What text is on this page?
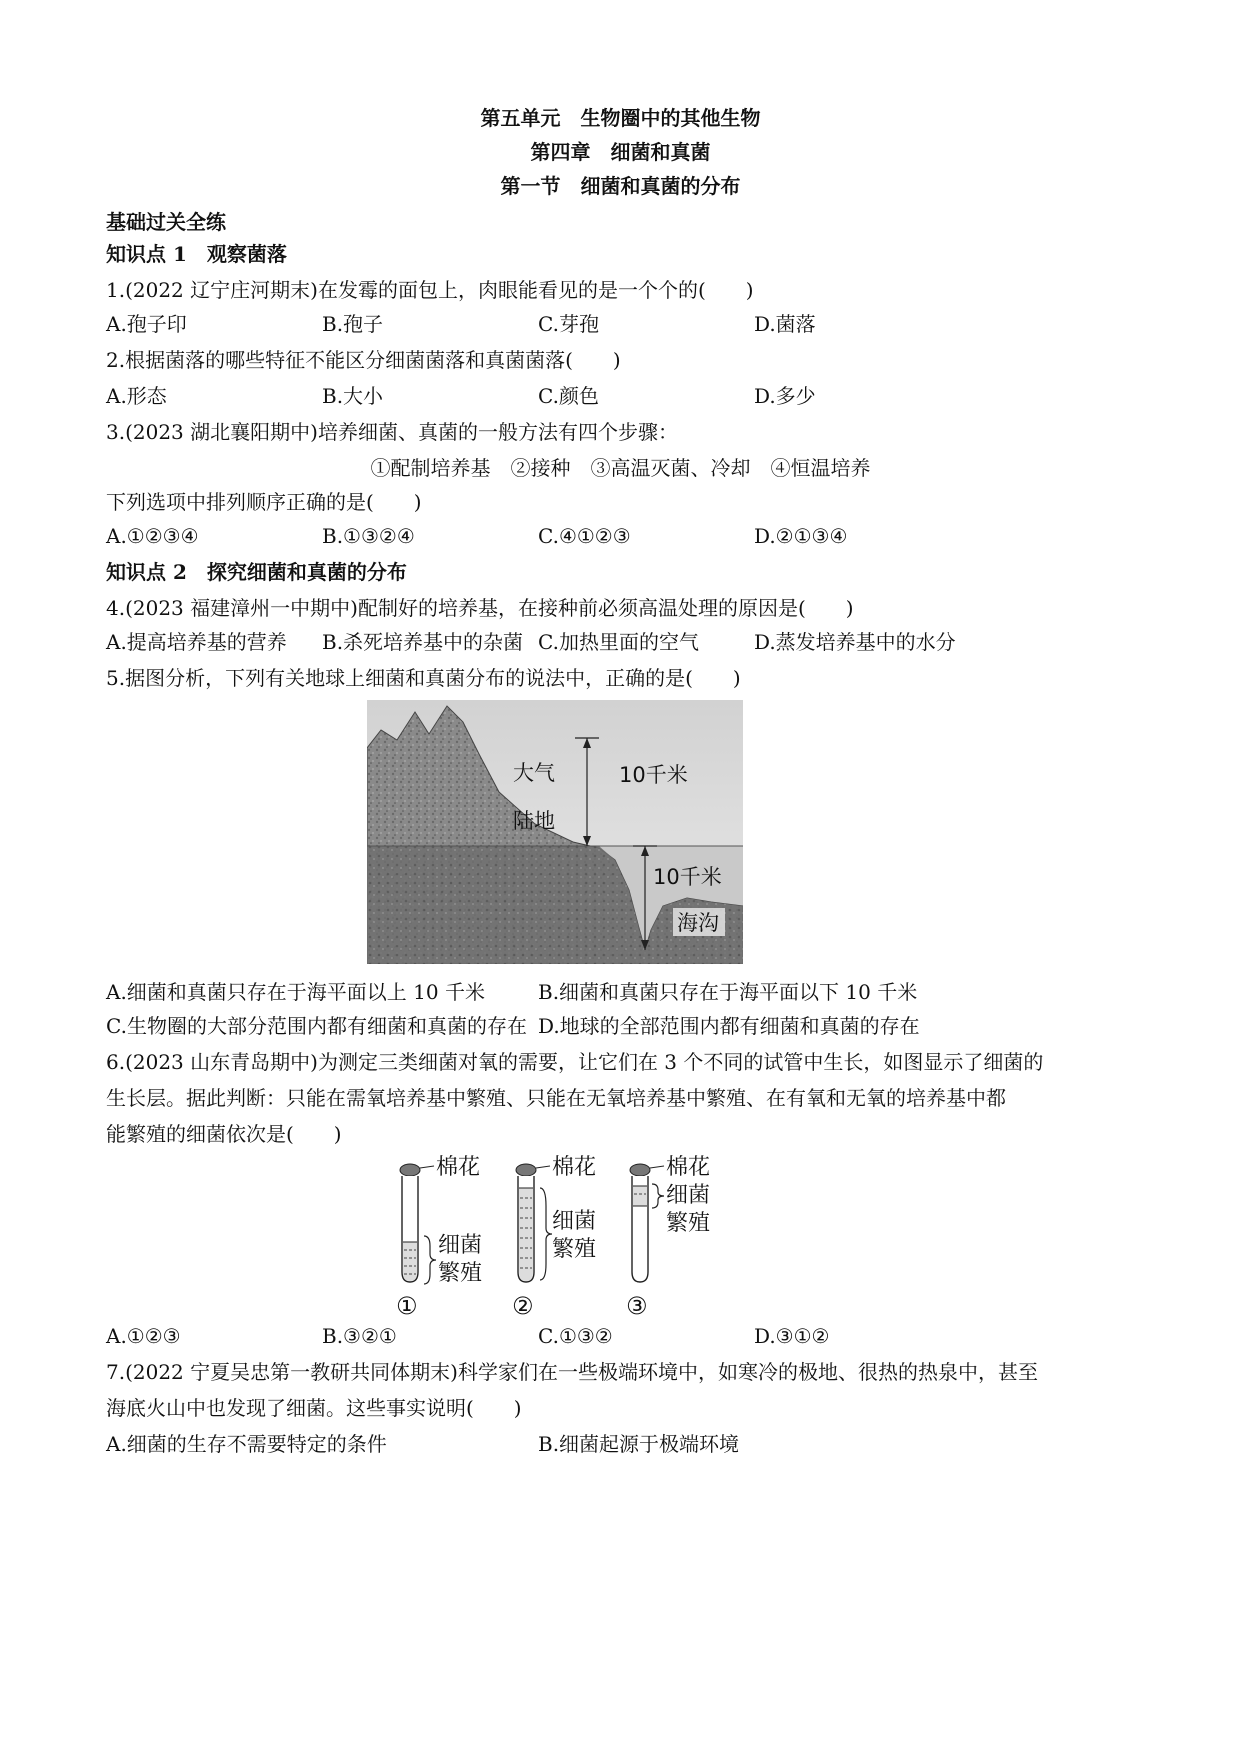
第五单元　生物圈中的其他生物
第四章　细菌和真菌
第一节　细菌和真菌的分布
基础过关全练
知识点 1　观察菌落
1.(2022 辽宁庄河期末)在发霉的面包上，肉眼能看见的是一个个的(　　)
A.孢子印	B.孢子	C.芽孢	D.菌落
2.根据菌落的哪些特征不能区分细菌菌落和真菌菌落(　　)
A.形态	B.大小	C.颜色	D.多少
3.(2023 湖北襄阳期中)培养细菌、真菌的一般方法有四个步骤：
①配制培养基　②接种　③高温灭菌、冷却　④恒温培养
下列选项中排列顺序正确的是(　　)
A.①②③④	B.①③②④	C.④①②③	D.②①③④
知识点 2　探究细菌和真菌的分布
4.(2023 福建漳州一中期中)配制好的培养基，在接种前必须高温处理的原因是(　　)
A.提高培养基的营养 B.杀死培养基中的杂菌 C.加热里面的空气	D.蒸发培养基中的水分
5.据图分析，下列有关地球上细菌和真菌分布的说法中，正确的是(　　)
大气	10千米
陆地
10千米
海沟
A.细菌和真菌只存在于海平面以上 10 千米	B.细菌和真菌只存在于海平面以下 10 千米
C.生物圈的大部分范围内都有细菌和真菌的存在 D.地球的全部范围内都有细菌和真菌的存在
6.(2023 山东青岛期中)为测定三类细菌对氧的需要，让它们在 3 个不同的试管中生长，如图显示了细菌的
生长层。据此判断：只能在需氧培养基中繁殖、只能在无氧培养基中繁殖、在有氧和无氧的培养基中都
能繁殖的细菌依次是(　　)
棉花
细菌
繁殖
①
棉花
细菌
繁殖
②
棉花
细菌
繁殖
③
A.①②③	B.③②①	C.①③②	D.③①②
7.(2022 宁夏吴忠第一教研共同体期末)科学家们在一些极端环境中，如寒冷的极地、很热的热泉中，甚至
海底火山中也发现了细菌。这些事实说明(　　)
A.细菌的生存不需要特定的条件	B.细菌起源于极端环境
